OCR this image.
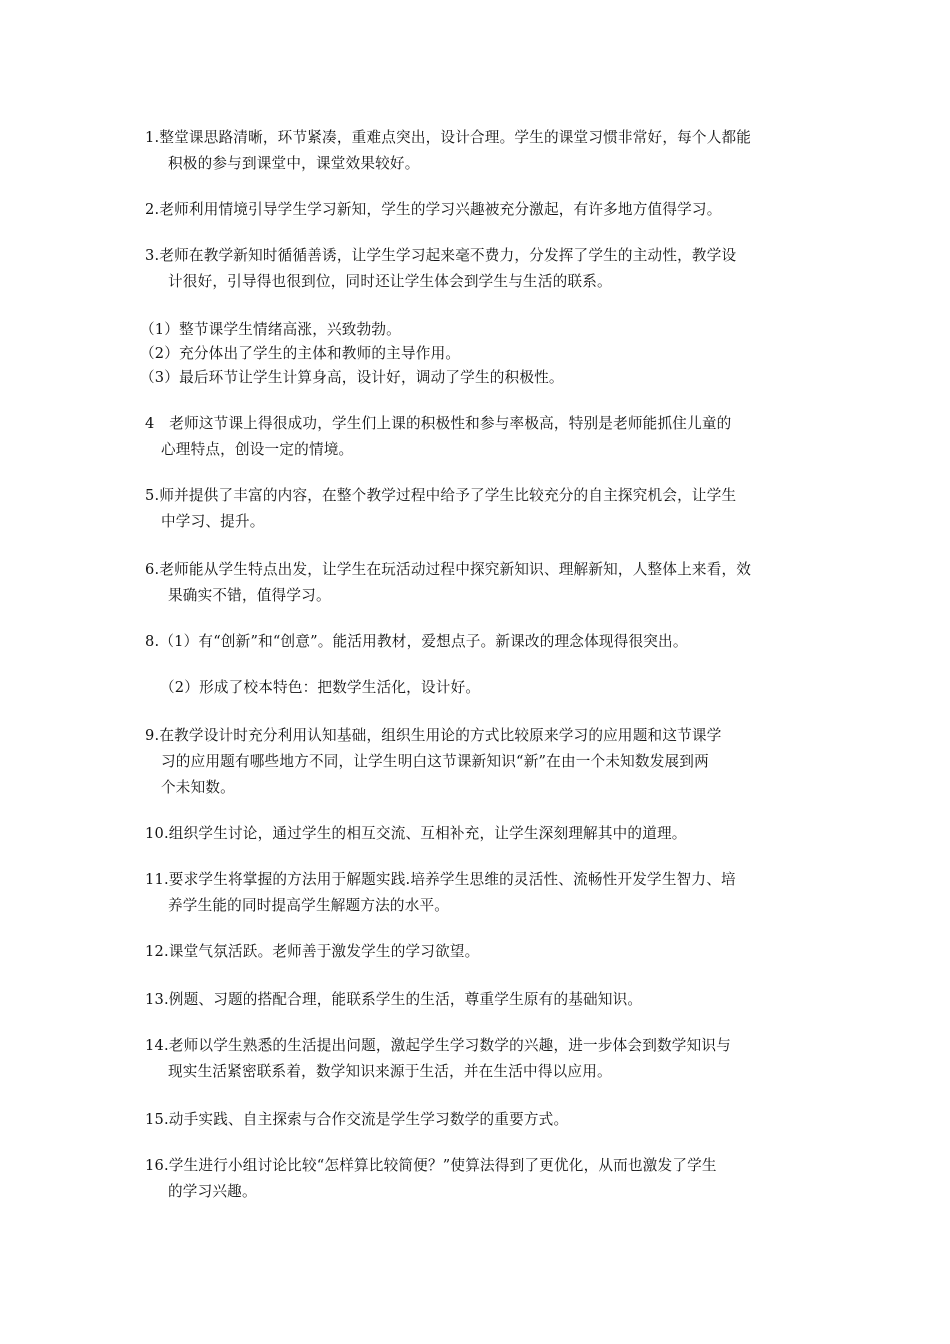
1.整堂课思路清晰，环节紧凑，重难点突出，设计合理。学生的课堂习惯非常好，每个人都能
积极的参与到课堂中，课堂效果较好。
2.老师利用情境引导学生学习新知，学生的学习兴趣被充分激起，有许多地方值得学习。
3.老师在教学新知时循循善诱，让学生学习起来毫不费力，分发挥了学生的主动性，教学设
计很好，引导得也很到位，同时还让学生体会到学生与生活的联系。
（1）整节课学生情绪高涨，兴致勃勃。
（2）充分体出了学生的主体和教师的主导作用。
（3）最后环节让学生计算身高，设计好，调动了学生的积极性。
4　老师这节课上得很成功，学生们上课的积极性和参与率极高，特别是老师能抓住儿童的
心理特点，创设一定的情境。
5.师并提供了丰富的内容，在整个教学过程中给予了学生比较充分的自主探究机会，让学生
中学习、提升。
6.老师能从学生特点出发，让学生在玩活动过程中探究新知识、理解新知，人整体上来看，效
果确实不错，值得学习。
8.（1）有“创新”和“创意”。能活用教材，爱想点子。新课改的理念体现得很突出。
（2）形成了校本特色：把数学生活化，设计好。
9.在教学设计时充分利用认知基础，组织生用论的方式比较原来学习的应用题和这节课学
习的应用题有哪些地方不同，让学生明白这节课新知识“新”在由一个未知数发展到两
个未知数。
10.组织学生讨论，通过学生的相互交流、互相补充，让学生深刻理解其中的道理。
11.要求学生将掌握的方法用于解题实践.培养学生思维的灵活性、流畅性开发学生智力、培
养学生能的同时提高学生解题方法的水平。
12.课堂气氛活跃。老师善于激发学生的学习欲望。
13.例题、习题的搭配合理，能联系学生的生活，尊重学生原有的基础知识。
14.老师以学生熟悉的生活提出问题，激起学生学习数学的兴趣，进一步体会到数学知识与
现实生活紧密联系着，数学知识来源于生活，并在生活中得以应用。
15.动手实践、自主探索与合作交流是学生学习数学的重要方式。
16.学生进行小组讨论比较“怎样算比较简便？”使算法得到了更优化，从而也激发了学生
的学习兴趣。
